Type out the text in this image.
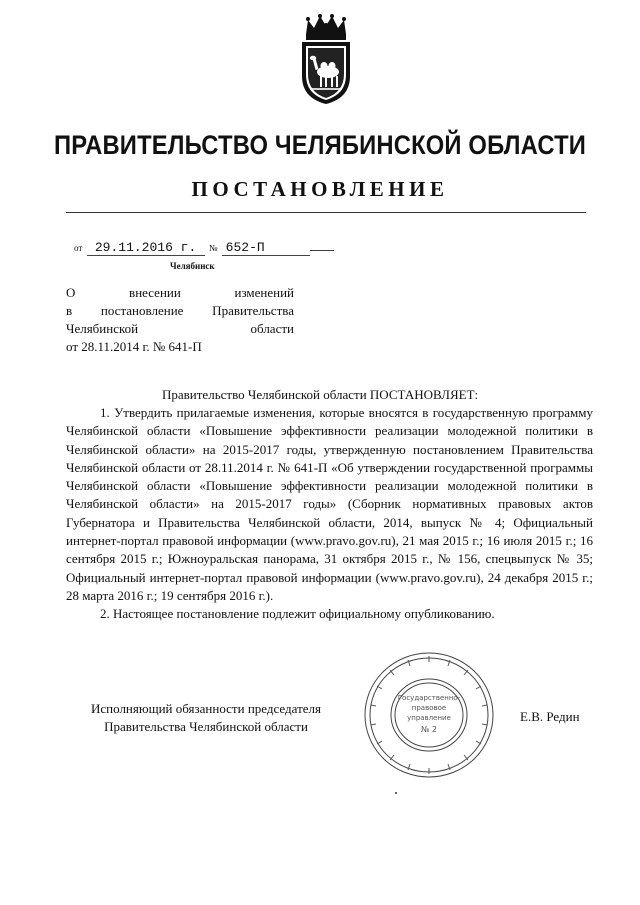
ПРАВИТЕЛЬСТВО ЧЕЛЯБИНСКОЙ ОБЛАСТИ
ПОСТАНОВЛЕНИЕ
от 29.11.2016 г. № 652-П
Челябинск
О внесении изменений
в постановление Правительства
Челябинской области
от 28.11.2014 г. № 641-П
Правительство Челябинской области ПОСТАНОВЛЯЕТ:

1. Утвердить прилагаемые изменения, которые вносятся в государственную программу Челябинской области «Повышение эффективности реализации молодежной политики в Челябинской области» на 2015-2017 годы, утвержденную постановлением Правительства Челябинской области от 28.11.2014 г. № 641-П «Об утверждении государственной программы Челябинской области «Повышение эффективности реализации молодежной политики в Челябинской области» на 2015-2017 годы» (Сборник нормативных правовых актов Губернатора и Правительства Челябинской области, 2014, выпуск № 4; Официальный интернет-портал правовой информации (www.pravo.gov.ru), 21 мая 2015 г.; 16 июля 2015 г.; 16 сентября 2015 г.; Южноуральская панорама, 31 октября 2015 г., № 156, спецвыпуск № 35; Официальный интернет-портал правовой информации (www.pravo.gov.ru), 24 декабря 2015 г.; 28 марта 2016 г.; 19 сентября 2016 г.).

2. Настоящее постановление подлежит официальному опубликованию.

Исполняющий обязанности председателя
Правительства Челябинской области
Государственно-
правовое
управление
№ 2
Е.В. Редин
